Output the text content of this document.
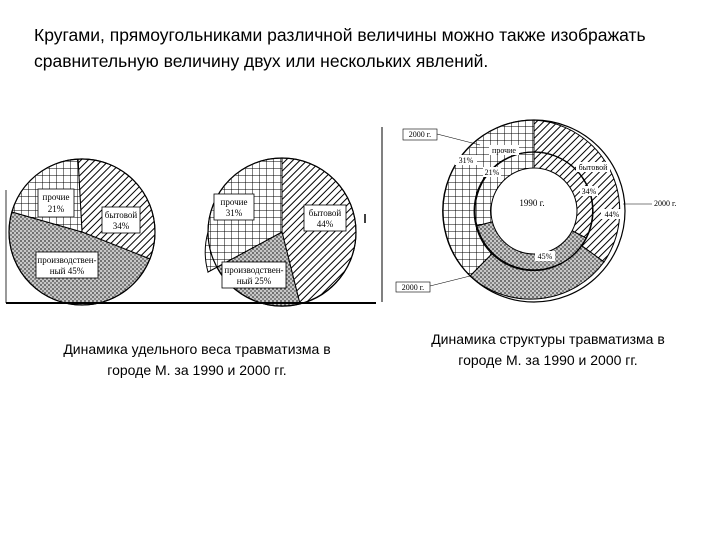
Кругами, прямоугольниками различной величины можно также изображать
сравнительную величину двух или нескольких явлений.
прочие
21%
бытовой
34%
производствен-
ный 45%
прочие
31%	бытовой
44%
производствен-
ный 25%
1990 г.
2000 г.
31%
прочие
21%
бытовой
34%
44%
45%
2000 г.
2000 г.
Динамика удельного веса травматизма в
городе М. за 1990 и 2000 гг.
Динамика структуры травматизма в
городе М. за 1990 и 2000 гг.
